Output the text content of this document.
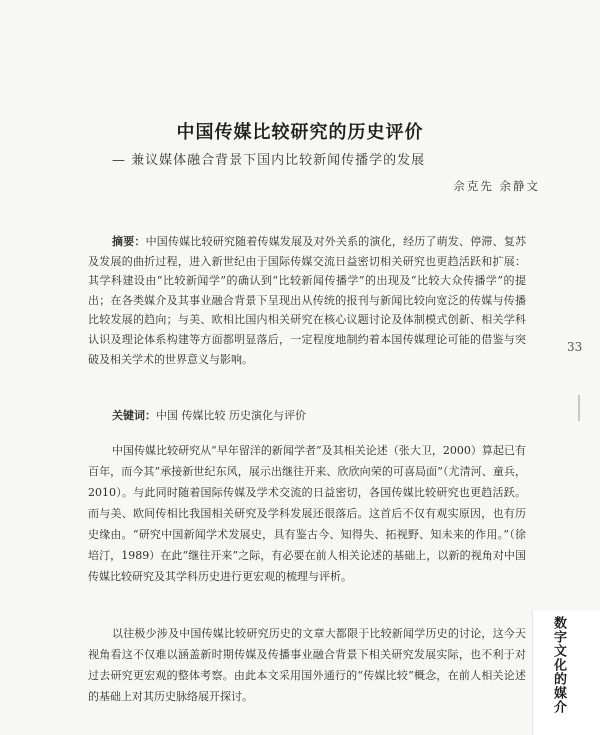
中国传媒比较研究的历史评价
— 兼议媒体融合背景下国内比较新闻传播学的发展
佘克先 余静文
摘要：中国传媒比较研究随着传媒发展及对外关系的演化，经历了萌发、停滞、复苏及发展的曲折过程，进入新世纪由于国际传媒交流日益密切相关研究也更趋活跃和扩展：其学科建设由“比较新闻学”的确认到“比较新闻传播学”的出现及“比较大众传播学”的提出；在各类媒介及其事业融合背景下呈现出从传统的报刊与新闻比较向宽泛的传媒与传播比较发展的趋向；与美、欧相比国内相关研究在核心议题讨论及体制模式创新、相关学科认识及理论体系构建等方面都明显落后，一定程度地制约着本国传媒理论可能的借鉴与突破及相关学术的世界意义与影响。
关键词：中国 传媒比较 历史演化与评价
中国传媒比较研究从“早年留洋的新闻学者”及其相关论述（张大卫，2000）算起已有百年，而今其“承接新世纪东风，展示出继往开来、欣欣向荣的可喜局面”（尤清河、童兵，2010）。与此同时随着国际传媒及学术交流的日益密切，各国传媒比较研究也更趋活跃。而与美、欧间传相比我国相关研究及学科发展还很落后。这首后不仅有观实原因，也有历史缘由。“研究中国新闻学术发展史，具有鉴古今、知得失、拓视野、知未来的作用。”（徐培汀，1989）在此“继往开来”之际，有必要在前人相关论述的基础上，以新的视角对中国传媒比较研究及其学科历史进行更宏观的梳理与评析。
以往极少涉及中国传媒比较研究历史的文章大都限于比较新闻学历史的讨论，这今天视角看这不仅难以涵盖新时期传媒及传播事业融合背景下相关研究发展实际，也不利于对过去研究更宏观的整体考察。由此本文采用国外通行的“传媒比较”概念，在前人相关论述的基础上对其历史脉络展开探讨。
33
数字文化的媒介
